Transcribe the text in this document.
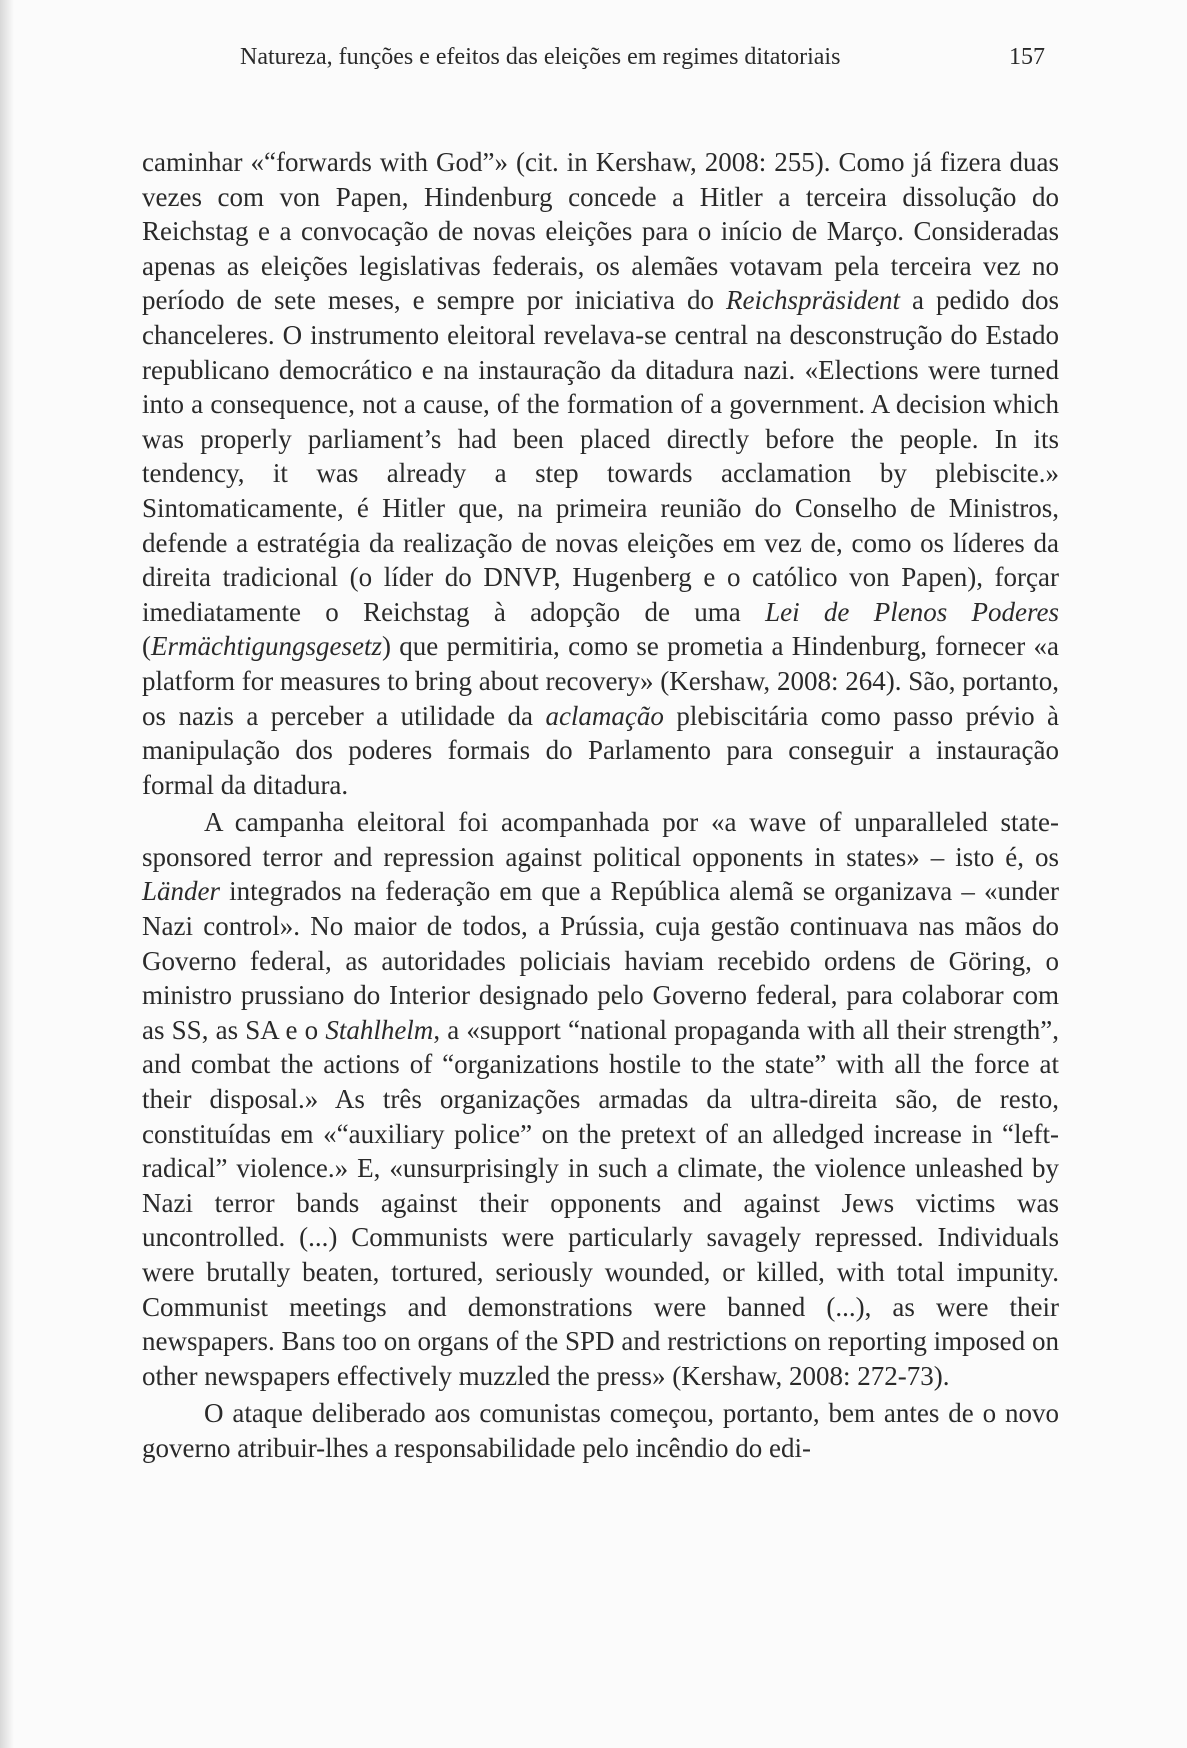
Natureza, funções e efeitos das eleições em regimes ditatoriais	157

caminhar «“forwards with God”» (cit. in Kershaw, 2008: 255). Como já fizera duas vezes com von Papen, Hindenburg concede a Hitler a terceira dissolução do Reichstag e a convocação de novas eleições para o início de Março. Consideradas apenas as eleições legislativas federais, os alemães votavam pela terceira vez no período de sete meses, e sempre por iniciativa do Reichspräsident a pedido dos chanceleres. O instrumento eleitoral revelava-se central na desconstrução do Estado republicano democrático e na instauração da ditadura nazi. «Elections were turned into a consequence, not a cause, of the formation of a government. A decision which was properly parliament’s had been placed directly before the people. In its tendency, it was already a step towards acclamation by plebiscite.» Sintomaticamente, é Hitler que, na primeira reunião do Conselho de Ministros, defende a estratégia da realização de novas eleições em vez de, como os líderes da direita tradicional (o líder do DNVP, Hugenberg e o católico von Papen), forçar imediatamente o Reichstag à adopção de uma Lei de Plenos Poderes (Ermächtigungsgesetz) que permitiria, como se prometia a Hindenburg, fornecer «a platform for measures to bring about recovery» (Kershaw, 2008: 264). São, portanto, os nazis a perceber a utilidade da aclamação plebiscitária como passo prévio à manipulação dos poderes formais do Parlamento para conseguir a instauração formal da ditadura.

A campanha eleitoral foi acompanhada por «a wave of unparalleled state-sponsored terror and repression against political opponents in states» – isto é, os Länder integrados na federação em que a República alemã se organizava – «under Nazi control». No maior de todos, a Prússia, cuja gestão continuava nas mãos do Governo federal, as autoridades policiais haviam recebido ordens de Göring, o ministro prussiano do Interior designado pelo Governo federal, para colaborar com as SS, as SA e o Stahlhelm, a «support “national propaganda with all their strength”, and combat the actions of “organizations hostile to the state” with all the force at their disposal.» As três organizações armadas da ultra-direita são, de resto, constituídas em «“auxiliary police” on the pretext of an alledged increase in “left-radical” violence.» E, «unsurprisingly in such a climate, the violence unleashed by Nazi terror bands against their opponents and against Jews victims was uncontrolled. (...) Communists were particularly savagely repressed. Individuals were brutally beaten, tortured, seriously wounded, or killed, with total impunity. Communist meetings and demonstrations were banned (...), as were their newspapers. Bans too on organs of the SPD and restrictions on reporting imposed on other newspapers effectively muzzled the press» (Kershaw, 2008: 272-73).

O ataque deliberado aos comunistas começou, portanto, bem antes de o novo governo atribuir-lhes a responsabilidade pelo incêndio do edi-
